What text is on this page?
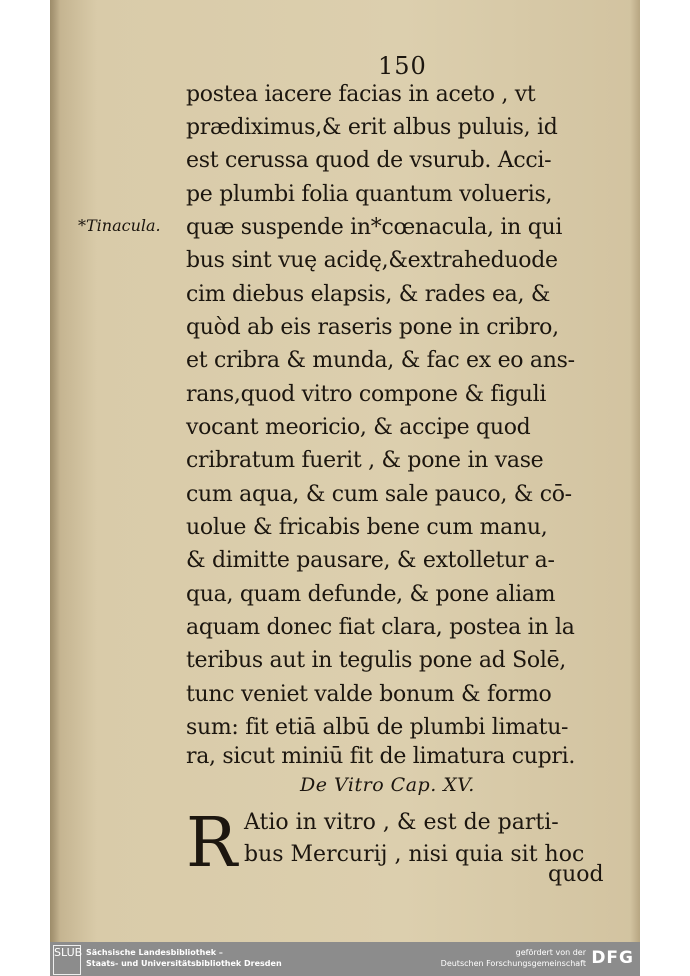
150
*Tinacula.
postea iacere facias in aceto , vt
prædiximus,& erit albus puluis, id
est cerussa quod de vsurub. Acci-
pe plumbi folia quantum volueris,
quæ suspende in*cœnacula, in qui
bus sint vuę acidę,&extraheduode
cim diebus elapsis, & rades ea, &
quòd ab eis raseris pone in cribro,
et cribra & munda, & fac ex eo ans-
rans,quod vitro compone & figuli
vocant meoricio, & accipe quod
cribratum fuerit , & pone in vase
cum aqua, & cum sale pauco, & cō-
uolue & fricabis bene cum manu,
& dimitte pausare, & extolletur a-
qua, quam defunde, & pone aliam
aquam donec fiat clara, postea in la
teribus aut in tegulis pone ad Solē,
tunc veniet valde bonum & formo
sum: fit etiā albū de plumbi limatu-
ra, sicut miniū fit de limatura cupri.
De Vitro Cap. XV.
R Atio in vitro , & est de parti-
bus Mercurij , nisi quia sit hoc
quod
SLUB Sächsische Landesbibliothek –
Staats- und Universitätsbibliothek Dresden
gefördert von der
Deutschen Forschungsgemeinschaft DFG
